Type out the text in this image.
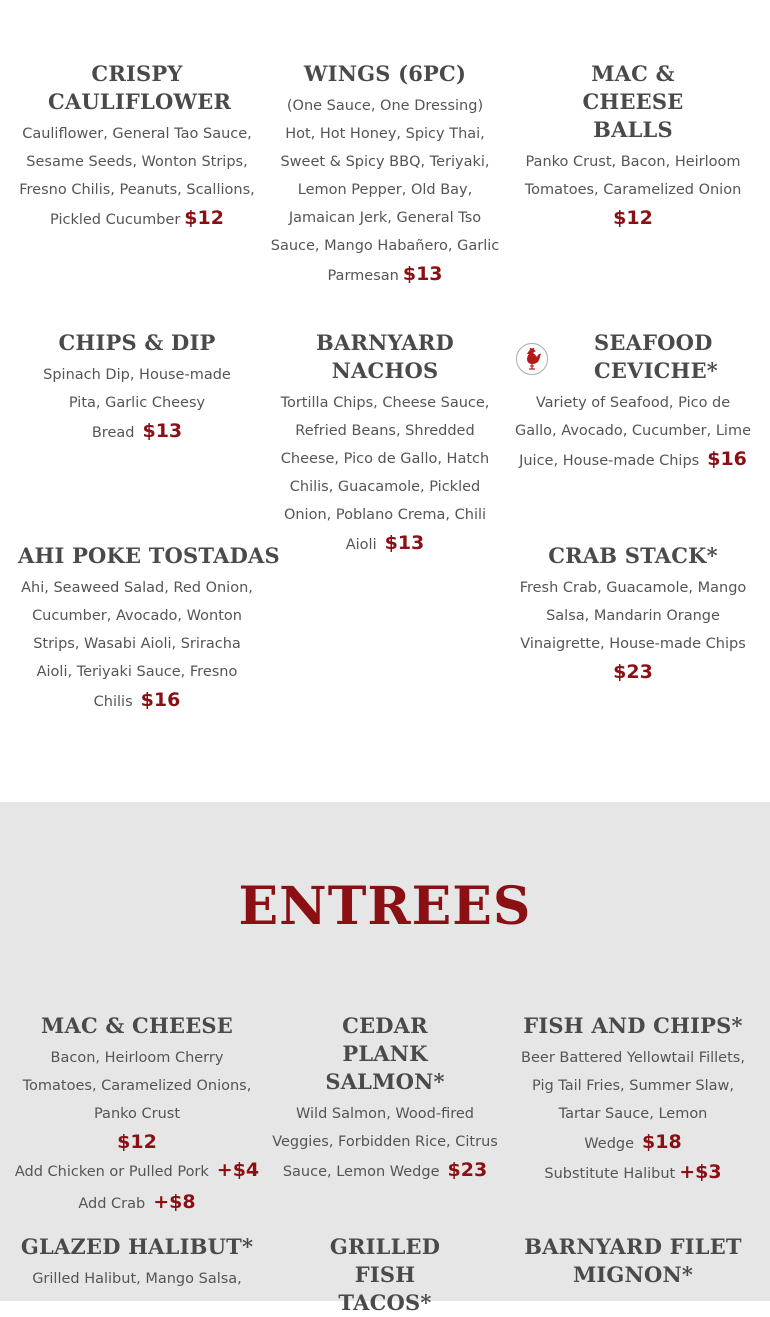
CRISPY CAULIFLOWER
Cauliflower, General Tao Sauce, Sesame Seeds, Wonton Strips, Fresno Chilis, Peanuts, Scallions, Pickled Cucumber $12
WINGS (6PC)
(One Sauce, One Dressing)
Hot, Hot Honey, Spicy Thai, Sweet & Spicy BBQ, Teriyaki, Lemon Pepper, Old Bay,
Jamaican Jerk, General Tso Sauce, Mango Habañero, Garlic Parmesan $13
MAC & CHEESE BALLS
Panko Crust, Bacon, Heirloom Tomatoes, Caramelized Onion
$12
CHIPS & DIP
Spinach Dip, House-made Pita, Garlic Cheesy Bread $13
BARNYARD NACHOS
Tortilla Chips, Cheese Sauce, Refried Beans, Shredded Cheese, Pico de Gallo, Hatch Chilis, Guacamole, Pickled Onion, Poblano Crema, Chili Aioli $13
SEAFOOD CEVICHE*
Variety of Seafood, Pico de Gallo, Avocado, Cucumber, Lime Juice, House-made Chips $16
AHI POKE TOSTADAS
Ahi, Seaweed Salad, Red Onion, Cucumber, Avocado, Wonton Strips, Wasabi Aioli, Sriracha Aioli, Teriyaki Sauce, Fresno Chilis $16
CRAB STACK*
Fresh Crab, Guacamole, Mango Salsa, Mandarin Orange Vinaigrette, House-made Chips
$23
ENTREES
MAC & CHEESE
Bacon, Heirloom Cherry Tomatoes, Caramelized Onions, Panko Crust
$12
Add Chicken or Pulled Pork +$4
Add Crab +$8
CEDAR PLANK SALMON*
Wild Salmon, Wood-fired Veggies, Forbidden Rice, Citrus Sauce, Lemon Wedge $23
FISH AND CHIPS*
Beer Battered Yellowtail Fillets, Pig Tail Fries, Summer Slaw, Tartar Sauce, Lemon Wedge $18
Substitute Halibut +$3
GLAZED HALIBUT*
Grilled Halibut, Mango Salsa,
GRILLED FISH TACOS*
BARNYARD FILET MIGNON*
